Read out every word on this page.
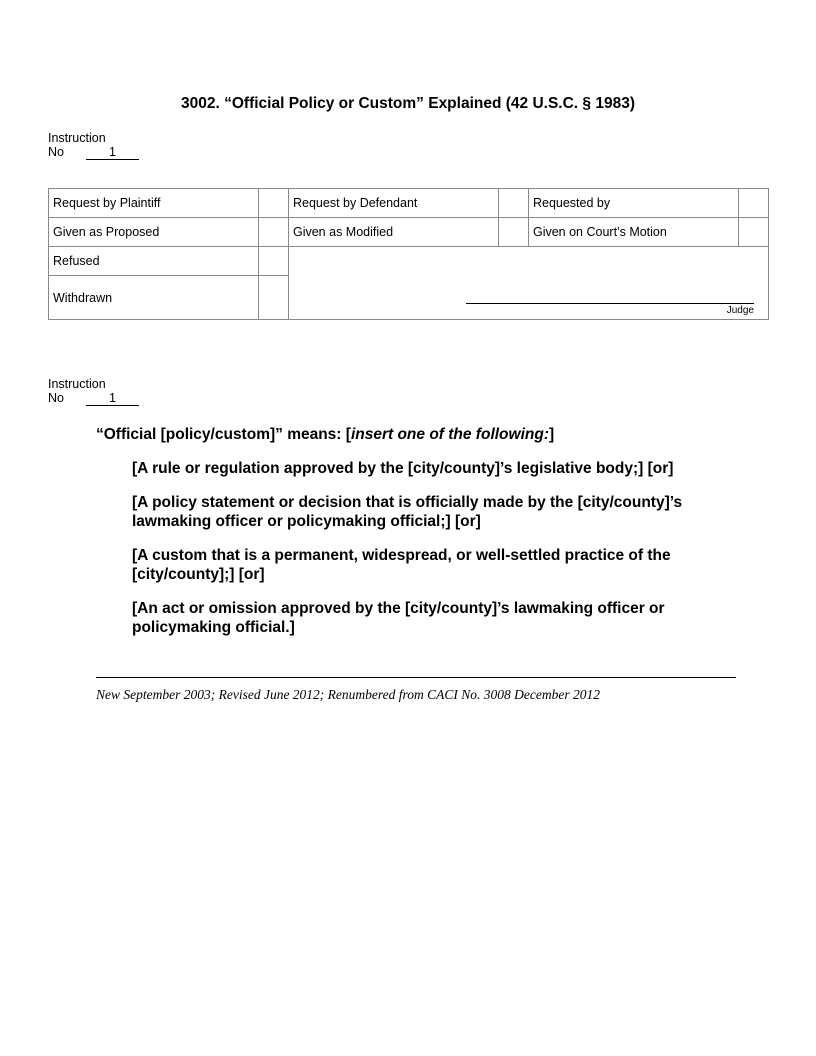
3002. “Official Policy or Custom” Explained (42 U.S.C. § 1983)
Instruction
No	1
Request by Plaintiff		Request by Defendant		Requested by	
Given as Proposed		Given as Modified		Given on Court’s Motion	
Refused		Judge			

Withdrawn					
Instruction
No	1

“Official [policy/custom]” means: [insert one of the following:]

[A rule or regulation approved by the [city/county]’s legislative body;] [or]

[A policy statement or decision that is officially made by the [city/county]’s lawmaking officer or policymaking official;] [or]

[A custom that is a permanent, widespread, or well-settled practice of the [city/county];] [or]

[An act or omission approved by the [city/county]’s lawmaking officer or policymaking official.]

New September 2003; Revised June 2012; Renumbered from CACI No. 3008 December 2012
